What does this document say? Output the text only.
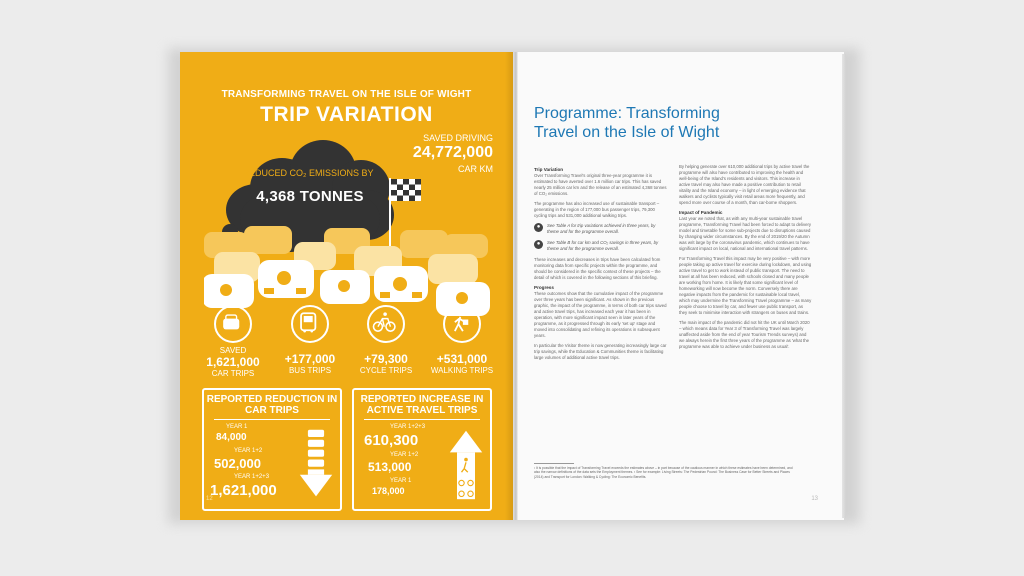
TRANSFORMING TRAVEL ON THE ISLE OF WIGHT
TRIP VARIATION
REDUCED CO₂ EMISSIONS BY
4,368 TONNES
SAVED DRIVING
24,772,000
CAR KM
SAVED
1,621,000
CAR TRIPS
+177,000
BUS TRIPS
+79,300
CYCLE TRIPS
+531,000
WALKING TRIPS
REPORTED REDUCTION IN CAR TRIPS
YEAR 1
84,000
YEAR 1+2
502,000
YEAR 1+2+3
1,621,000
REPORTED INCREASE IN ACTIVE TRAVEL TRIPS
YEAR 1+2+3
610,300
YEAR 1+2
513,000
YEAR 1
178,000
12
Programme: Transforming Travel on the Isle of Wight
Trip Variation

Over Transforming Travel's original three-year programme it is estimated to have averted over 1.6 million car trips. This has saved nearly 25 million car km and the release of an estimated 4,368 tonnes of CO₂ emissions.

The programme has also increased use of sustainable transport – generating in the region of 177,000 bus passenger trips, 79,300 cycling trips and 531,000 additional walking trips.

●	See Table A for trip variations achieved in three years, by theme and for the programme overall.
●	See Table B for car km and CO₂ savings in three years, by theme and for the programme overall.

These increases and decreases in trips have been calculated from monitoring data from specific projects within the programme, and should be considered in the specific context of these projects – the detail of which is covered in the following sections of this briefing.

Progress

These outcomes show that the cumulative impact of the programme over three years has been significant. As shown in the previous graphic, the impact of the programme, in terms of both car trips saved and active travel trips, has increased each year it has been in operation, with more significant impact seen in later years of the programme, as it progressed through its early 'set up' stage and moved into consolidating and refining its operations in subsequent years.

In particular the Visitor theme is now generating increasingly large car trip savings, while the Education & Communities theme is facilitating large volumes of additional active travel trips.

By helping generate over 610,000 additional trips by active travel the programme will also have contributed to improving the health and well-being of the Island's residents and visitors. This increase in active travel may also have made a positive contribution to retail vitality and the Island economy – in light of emerging evidence that walkers and cyclists typically visit retail areas more frequently, and spend more over course of a month, than car-borne shoppers.

Impact of Pandemic

Last year we noted that, as with any multi-year sustainable travel programme, Transforming Travel had been forced to adapt to delivery model and timetable for some sub-projects due to disruptions caused by changing wider circumstances. By the end of 2019/20 the Autumn was writ large by the coronavirus pandemic, which continues to have significant impact on local, national and international travel patterns.

For Transforming Travel this impact may be very positive – with more people taking up active travel for exercise during lockdown, and using active travel to get to work instead of public transport. The need to travel at all has been reduced, with schools closed and many people are working from home. It is likely that some significant level of homeworking will now become the norm. Conversely there are negative impacts from the pandemic for sustainable local travel, which may undermine the Transforming Travel programme – as many people choose to travel by car, and fewer use public transport, as they seek to minimise interaction with strangers on buses and trains.

The main impact of the pandemic did not hit the UK until March 2020 – which means data for Year 3 of Transforming Travel was largely unaffected aside from the end of year Tourism Trends surveys) and we always herein the first three years of the programme as 'what the programme was able to achieve under business as usual'.

¹ It is possible that the impact of Transforming Travel exceeds the estimates above – in part because of the cautious manner in which these estimates have been determined, and also the narrow definitions of the data sets the Employment themes. ² See for example: Living Streets: The Pedestrian Pound: The Business Case for Better Streets and Places (2014) and Transport for London: Walking & Cycling: The Economic Benefits.
13
